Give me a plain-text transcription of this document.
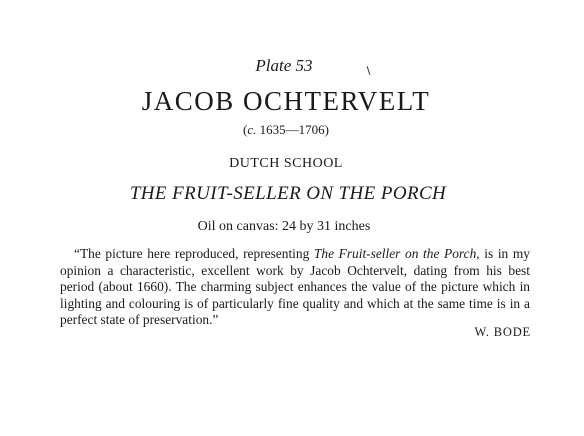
Plate 53
JACOB OCHTERVELT
(c. 1635—1706)
DUTCH SCHOOL
THE FRUIT-SELLER ON THE PORCH
Oil on canvas: 24 by 31 inches

“The picture here reproduced, representing The Fruit-seller on the Porch, is in my opinion a characteristic, excellent work by Jacob Ochtervelt, dating from his best period (about 1660). The charming subject enhances the value of the picture which in lighting and colouring is of particularly fine quality and which at the same time is in a perfect state of preservation.”

W. BODE
